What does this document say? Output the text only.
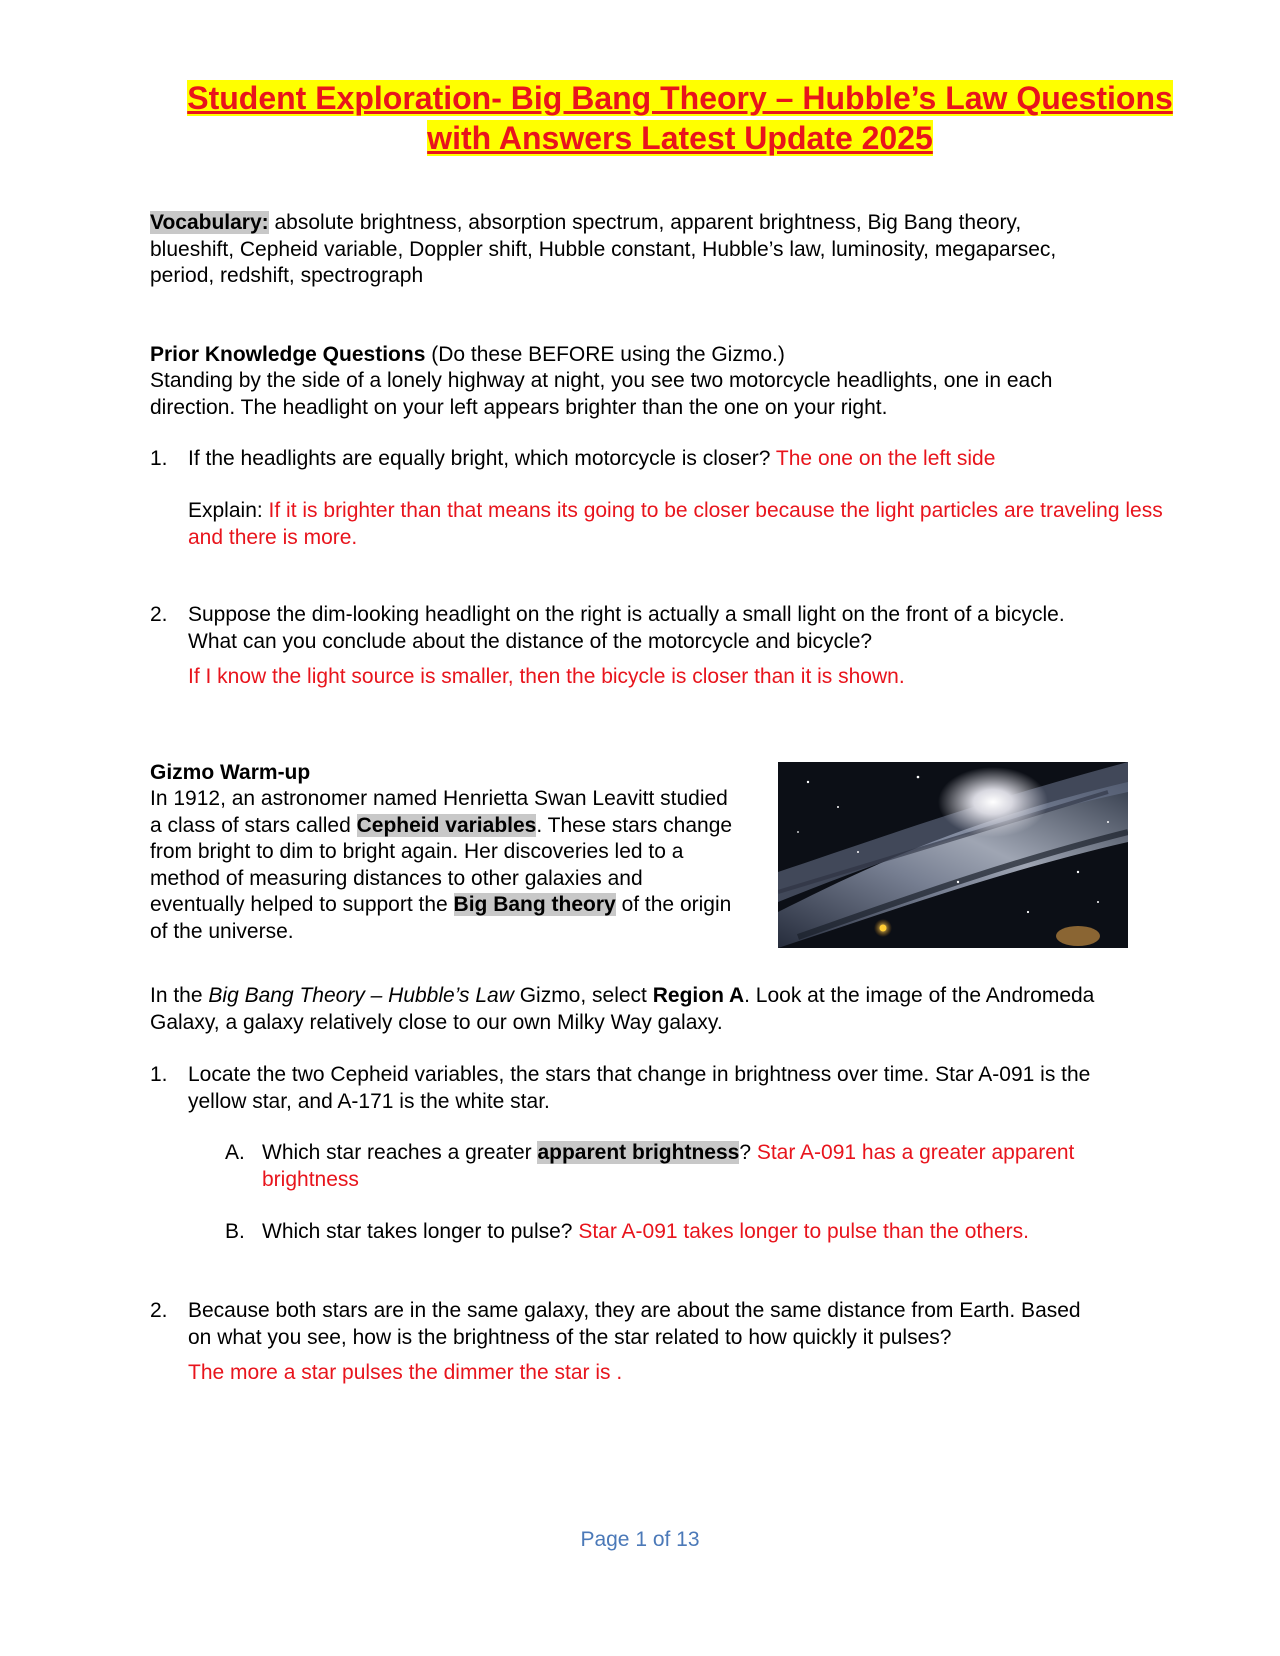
Student Exploration- Big Bang Theory – Hubble’s Law Questions
with Answers Latest Update 2025
Vocabulary: absolute brightness, absorption spectrum, apparent brightness, Big Bang theory, blueshift, Cepheid variable, Doppler shift, Hubble constant, Hubble’s law, luminosity, megaparsec, period, redshift, spectrograph
Prior Knowledge Questions (Do these BEFORE using the Gizmo.)
Standing by the side of a lonely highway at night, you see two motorcycle headlights, one in each direction. The headlight on your left appears brighter than the one on your right.
1. If the headlights are equally bright, which motorcycle is closer? The one on the left side
Explain: If it is brighter than that means its going to be closer because the light particles are traveling less and there is more.
2. Suppose the dim-looking headlight on the right is actually a small light on the front of a bicycle. What can you conclude about the distance of the motorcycle and bicycle?
If I know the light source is smaller, then the bicycle is closer than it is shown.
Gizmo Warm-up
In 1912, an astronomer named Henrietta Swan Leavitt studied a class of stars called Cepheid variables. These stars change from bright to dim to bright again. Her discoveries led to a method of measuring distances to other galaxies and eventually helped to support the Big Bang theory of the origin of the universe.
In the Big Bang Theory – Hubble’s Law Gizmo, select Region A. Look at the image of the Andromeda Galaxy, a galaxy relatively close to our own Milky Way galaxy.
1. Locate the two Cepheid variables, the stars that change in brightness over time. Star A-091 is the yellow star, and A-171 is the white star.
A. Which star reaches a greater apparent brightness? Star A-091 has a greater apparent brightness
B. Which star takes longer to pulse? Star A-091 takes longer to pulse than the others.
2. Because both stars are in the same galaxy, they are about the same distance from Earth. Based on what you see, how is the brightness of the star related to how quickly it pulses?
The more a star pulses the dimmer the star is .
Page 1 of 13
